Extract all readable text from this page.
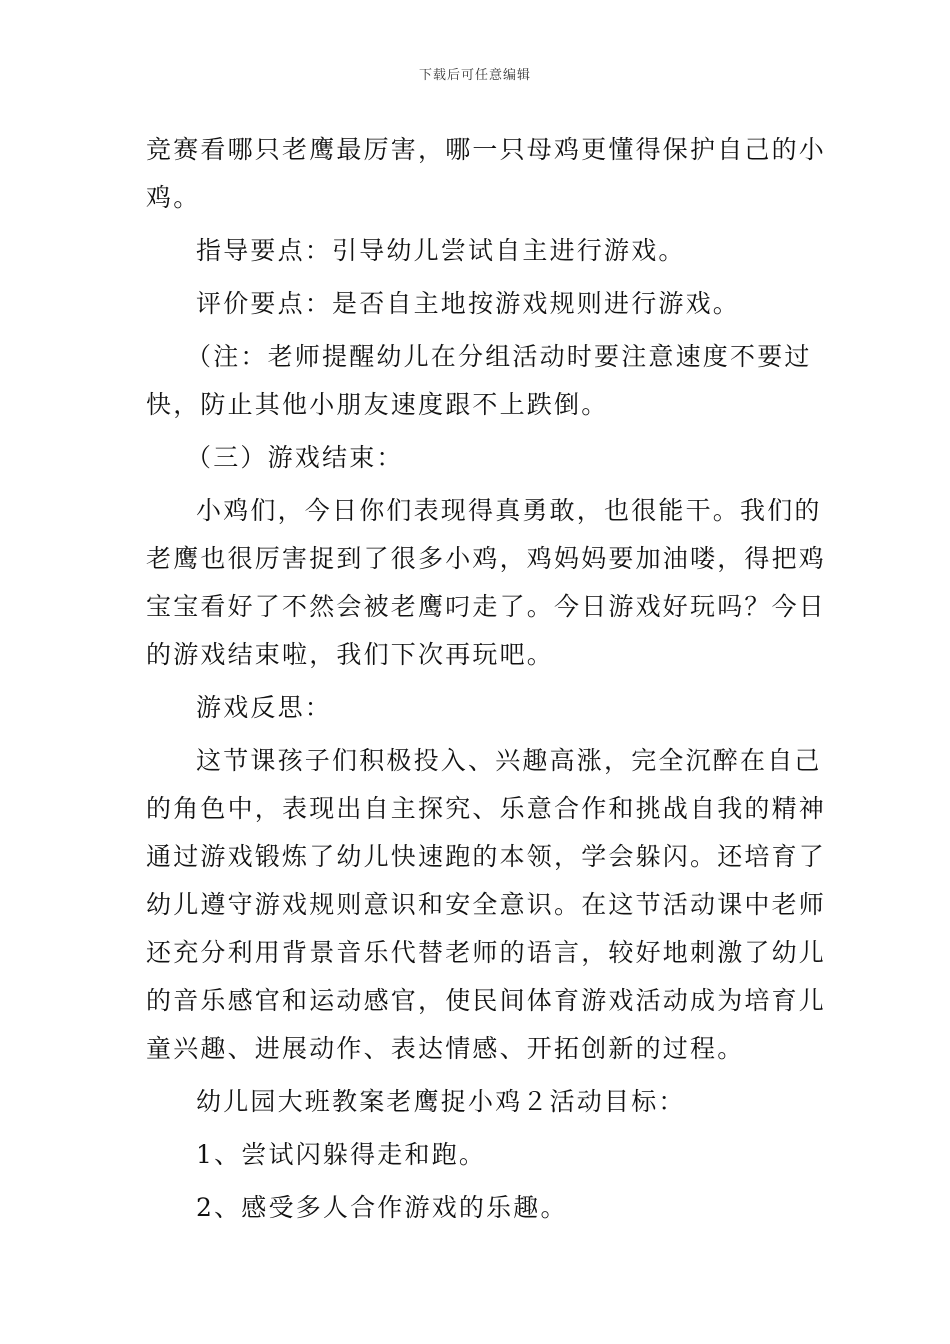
下载后可任意编辑
竞赛看哪只老鹰最厉害，哪一只母鸡更懂得保护自己的小
鸡。
指导要点：引导幼儿尝试自主进行游戏。
评价要点：是否自主地按游戏规则进行游戏。
（注：老师提醒幼儿在分组活动时要注意速度不要过
快，防止其他小朋友速度跟不上跌倒。
（三）游戏结束：
小鸡们，今日你们表现得真勇敢，也很能干。我们的
老鹰也很厉害捉到了很多小鸡，鸡妈妈要加油喽，得把鸡
宝宝看好了不然会被老鹰叼走了。今日游戏好玩吗？今日
的游戏结束啦，我们下次再玩吧。
游戏反思：
这节课孩子们积极投入、兴趣高涨，完全沉醉在自己
的角色中，表现出自主探究、乐意合作和挑战自我的精神
通过游戏锻炼了幼儿快速跑的本领，学会躲闪。还培育了
幼儿遵守游戏规则意识和安全意识。在这节活动课中老师
还充分利用背景音乐代替老师的语言，较好地刺激了幼儿
的音乐感官和运动感官，使民间体育游戏活动成为培育儿
童兴趣、进展动作、表达情感、开拓创新的过程。
幼儿园大班教案老鹰捉小鸡２活动目标：
1、尝试闪躲得走和跑。
2、感受多人合作游戏的乐趣。
